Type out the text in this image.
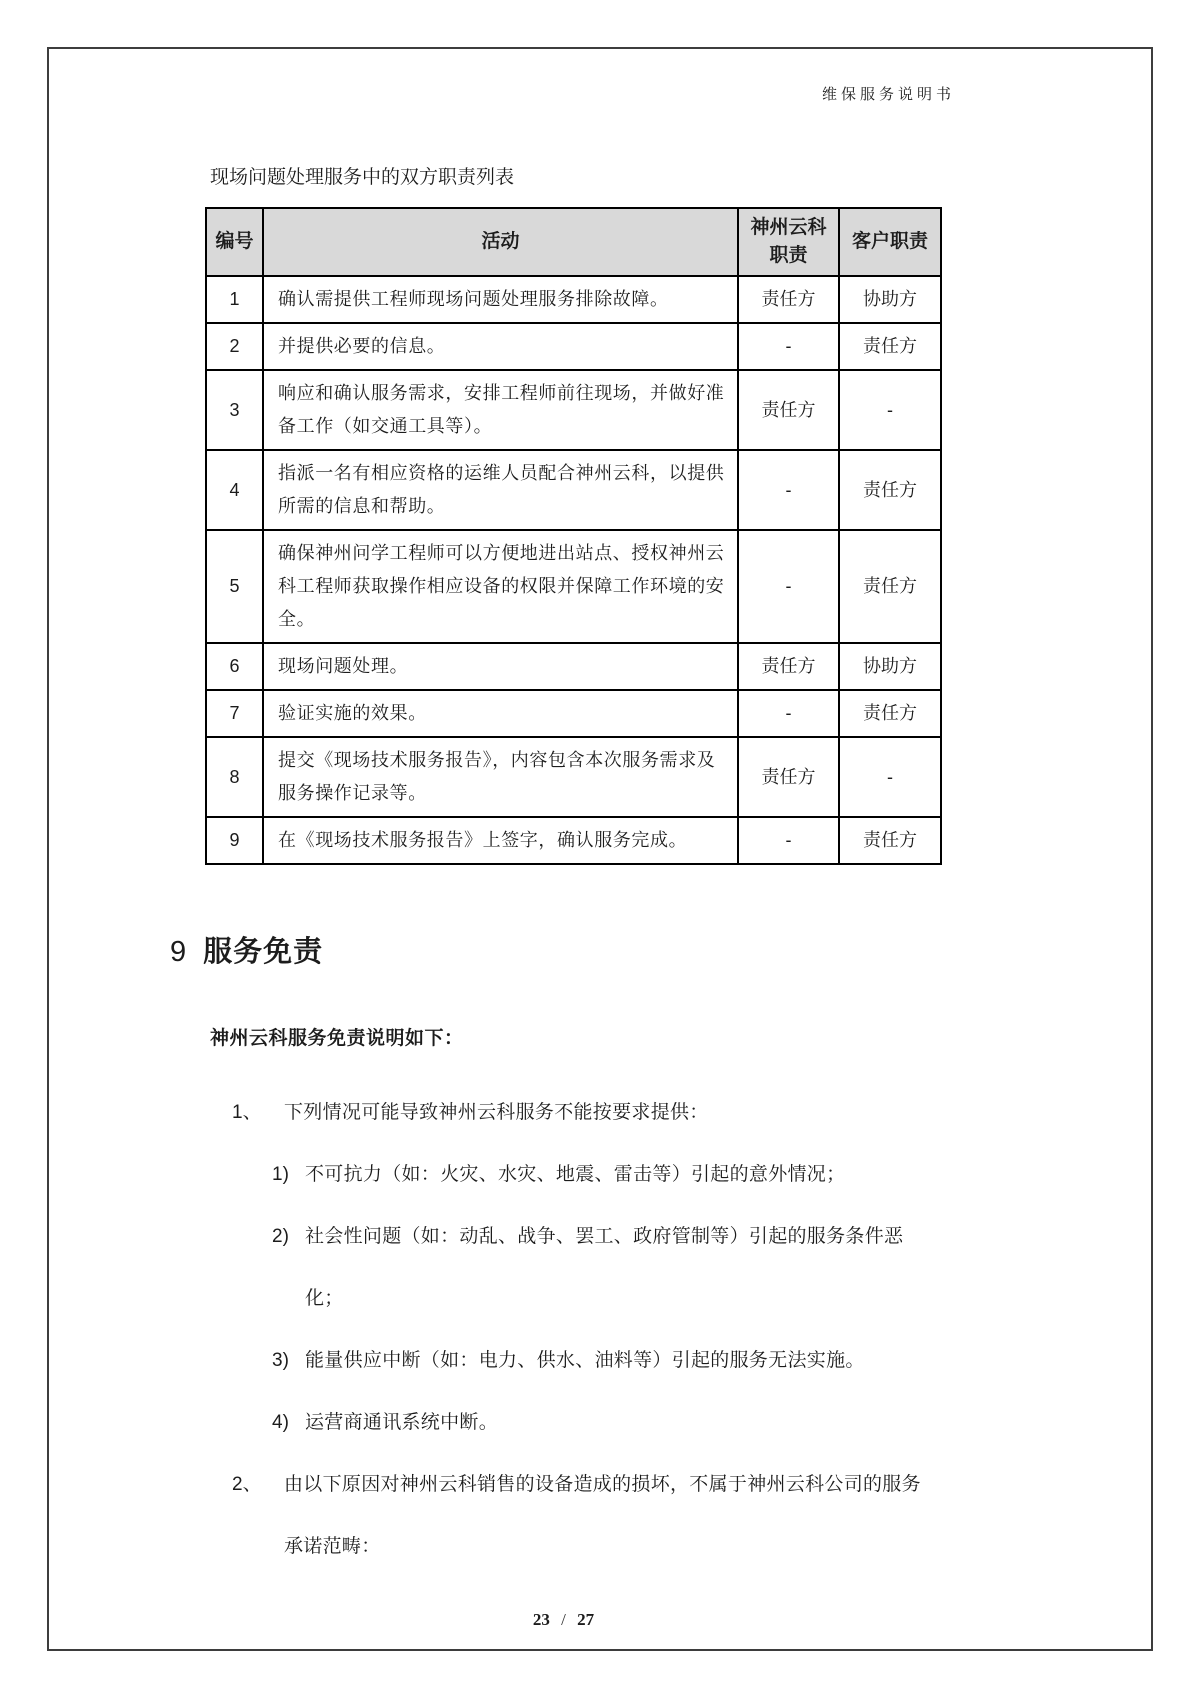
维保服务说明书
现场问题处理服务中的双方职责列表
编号	活动	神州云科职责	客户职责
1	确认需提供工程师现场问题处理服务排除故障。	责任方	协助方
2	并提供必要的信息。	-	责任方
3	响应和确认服务需求，安排工程师前往现场，并做好准备工作（如交通工具等）。	责任方	-
4	指派一名有相应资格的运维人员配合神州云科，以提供所需的信息和帮助。	-	责任方
5	确保神州问学工程师可以方便地进出站点、授权神州云科工程师获取操作相应设备的权限并保障工作环境的安全。	-	责任方
6	现场问题处理。	责任方	协助方
7	验证实施的效果。	-	责任方
8	提交《现场技术服务报告》，内容包含本次服务需求及服务操作记录等。	责任方	-
9	在《现场技术服务报告》上签字，确认服务完成。	-	责任方
9 服务免责
神州云科服务免责说明如下：
1、	下列情况可能导致神州云科服务不能按要求提供：
1) 不可抗力（如：火灾、水灾、地震、雷击等）引起的意外情况；
2) 社会性问题（如：动乱、战争、罢工、政府管制等）引起的服务条件恶化；
3) 能量供应中断（如：电力、供水、油料等）引起的服务无法实施。
4) 运营商通讯系统中断。
2、	由以下原因对神州云科销售的设备造成的损坏，不属于神州云科公司的服务承诺范畴：
23 / 27
